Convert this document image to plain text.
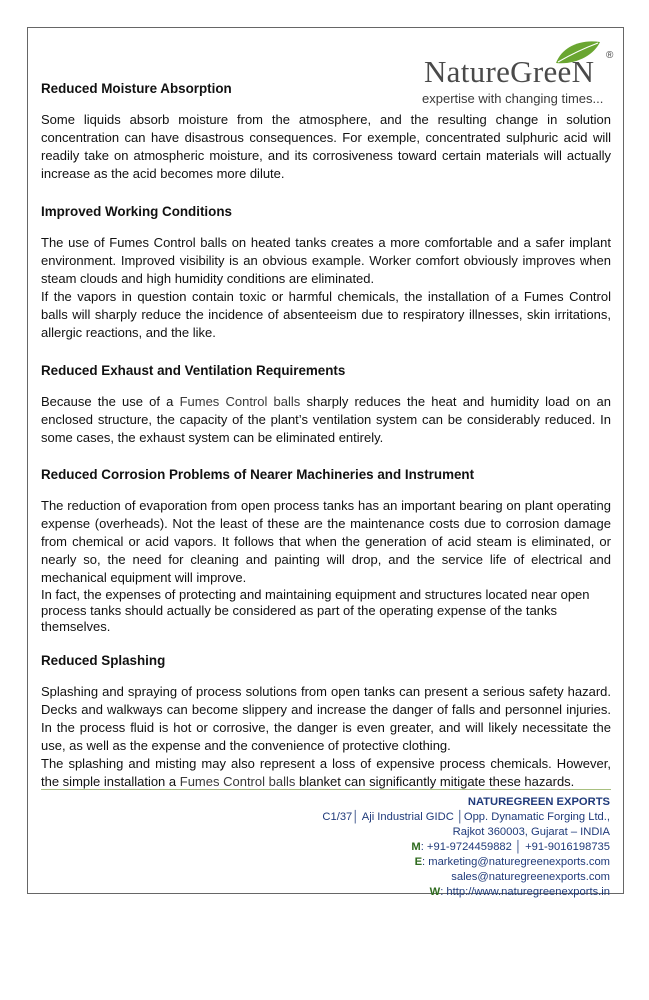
NatureGreeN ®
expertise with changing times...
Reduced Moisture Absorption

Some liquids absorb moisture from the atmosphere, and the resulting change in solution concentration can have disastrous consequences. For exemple, concentrated sulphuric acid will readily take on atmospheric moisture, and its corrosiveness toward certain materials will actually increase as the acid becomes more dilute.

Improved Working Conditions

The use of Fumes Control balls on heated tanks creates a more comfortable and a safer implant environment. Improved visibility is an obvious example. Worker comfort obviously improves when steam clouds and high humidity conditions are eliminated.

If the vapors in question contain toxic or harmful chemicals, the installation of a Fumes Control balls will sharply reduce the incidence of absenteeism due to respiratory illnesses, skin irritations, allergic reactions, and the like.

Reduced Exhaust and Ventilation Requirements

Because the use of a Fumes Control balls sharply reduces the heat and humidity load on an enclosed structure, the capacity of the plant’s ventilation system can be considerably reduced. In some cases, the exhaust system can be eliminated entirely.

Reduced Corrosion Problems of Nearer Machineries and Instrument

The reduction of evaporation from open process tanks has an important bearing on plant operating expense (overheads). Not the least of these are the maintenance costs due to corrosion damage from chemical or acid vapors. It follows that when the generation of acid steam is eliminated, or nearly so, the need for cleaning and painting will drop, and the service life of electrical and mechanical equipment will improve.

In fact, the expenses of protecting and maintaining equipment and structures located near open process tanks should actually be considered as part of the operating expense of the tanks themselves.

Reduced Splashing

Splashing and spraying of process solutions from open tanks can present a serious safety hazard. Decks and walkways can become slippery and increase the danger of falls and personnel injuries. In the process fluid is hot or corrosive, the danger is even greater, and will likely necessitate the use, as well as the expense and the convenience of protective clothing.

The splashing and misting may also represent a loss of expensive process chemicals. However, the simple installation a Fumes Control balls blanket can significantly mitigate these hazards.

NATUREGREEN EXPORTS
C1/37│ Aji Industrial GIDC │Opp. Dynamatic Forging Ltd.,
Rajkot 360003, Gujarat – INDIA
M: +91-9724459882 │ +91-9016198735
E: marketing@naturegreenexports.com
sales@naturegreenexports.com
W: http://www.naturegreenexports.in
